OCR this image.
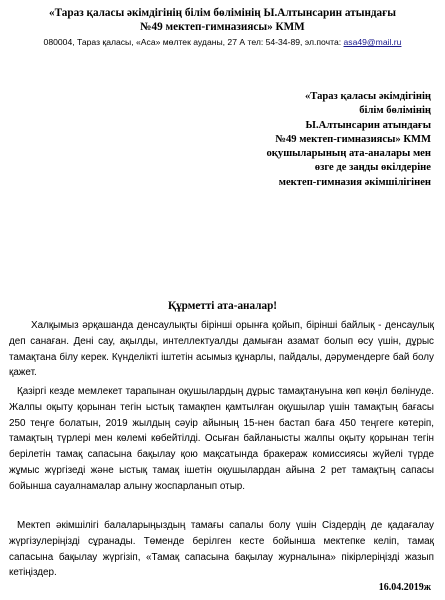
«Тараз қаласы әкімдігінің білім бөлімінің Ы.Алтынсарин атындағы
№49 мектеп-гимназиясы» КММ
080004, Тараз қаласы, «Аса» мөлтек ауданы, 27 А тел: 54-34-89, эл.почта: asa49@mail.ru
«Тараз қаласы әкімдігінің
білім бөлімінің
Ы.Алтынсарин атындағы
№49 мектеп-гимназиясы» КММ
оқушыларының ата-аналары мен
өзге де заңды өкілдеріне
мектеп-гимназия әкімшілігінен
Құрметті ата-аналар!
Халқымыз әрқашанда денсаулықты бірінші орынға қойып, бірінші байлық - денсаулық деп санаған. Дені сау, ақылды, интеллектуалды дамыған азамат болып өсу үшін, дұрыс тамақтана білу керек. Күнделікті іштетін асымыз құнарлы, пайдалы, дәрумендерге бай болу қажет.
Қазіргі кезде мемлекет тарапынан оқушылардың дұрыс тамақтануына көп көңіл бөлінуде. Жалпы оқыту қорынан тегін ыстық тамақпен қамтылған оқушылар үшін тамақтың бағасы 250 теңге болатын, 2019 жылдың сәуір айының 15-нен бастап баға 450 теңгеге көтеріп, тамақтың түрлері мен көлемі көбейтілді. Осыған байланысты жалпы оқыту қорынан тегін берілетін тамақ сапасына бақылау қою мақсатында бракераж комиссиясы жүйелі түрде жұмыс жүргізеді және ыстық тамақ ішетін оқушылардан айына 2 рет тамақтың сапасы бойынша сауалнамалар алыну жоспарланып отыр.
Мектеп әкімшілігі балаларыңыздың тамағы сапалы болу үшін Сіздердің де қадағалау жүргізулеріңізді сұранады. Төменде берілген кесте бойынша мектепке келіп, тамақ сапасына бақылау жүргізіп, «Тамақ сапасына бақылау журналына» пікірлеріңізді жазып кетіңіздер.
16.04.2019ж
